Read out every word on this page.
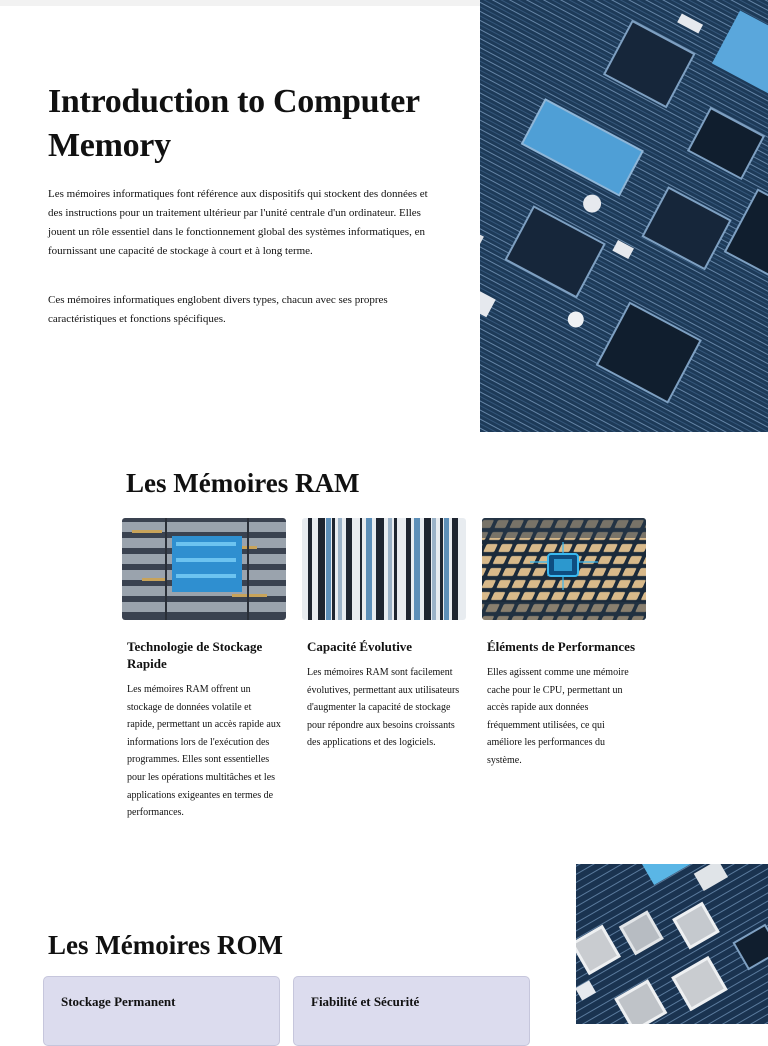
Introduction to Computer Memory

Les mémoires informatiques font référence aux dispositifs qui stockent des données et des instructions pour un traitement ultérieur par l'unité centrale d'un ordinateur. Elles jouent un rôle essentiel dans le fonctionnement global des systèmes informatiques, en fournissant une capacité de stockage à court et à long terme.

Ces mémoires informatiques englobent divers types, chacun avec ses propres caractéristiques et fonctions spécifiques.

Les Mémoires RAM
Technologie de Stockage Rapide

Les mémoires RAM offrent un stockage de données volatile et rapide, permettant un accès rapide aux informations lors de l'exécution des programmes. Elles sont essentielles pour les opérations multitâches et les applications exigeantes en termes de performances.

Capacité Évolutive

Les mémoires RAM sont facilement évolutives, permettant aux utilisateurs d'augmenter la capacité de stockage pour répondre aux besoins croissants des applications et des logiciels.

Éléments de Performances

Elles agissent comme une mémoire cache pour le CPU, permettant un accès rapide aux données fréquemment utilisées, ce qui améliore les performances du système.

Les Mémoires ROM
Stockage Permanent	Fiabilité et Sécurité
